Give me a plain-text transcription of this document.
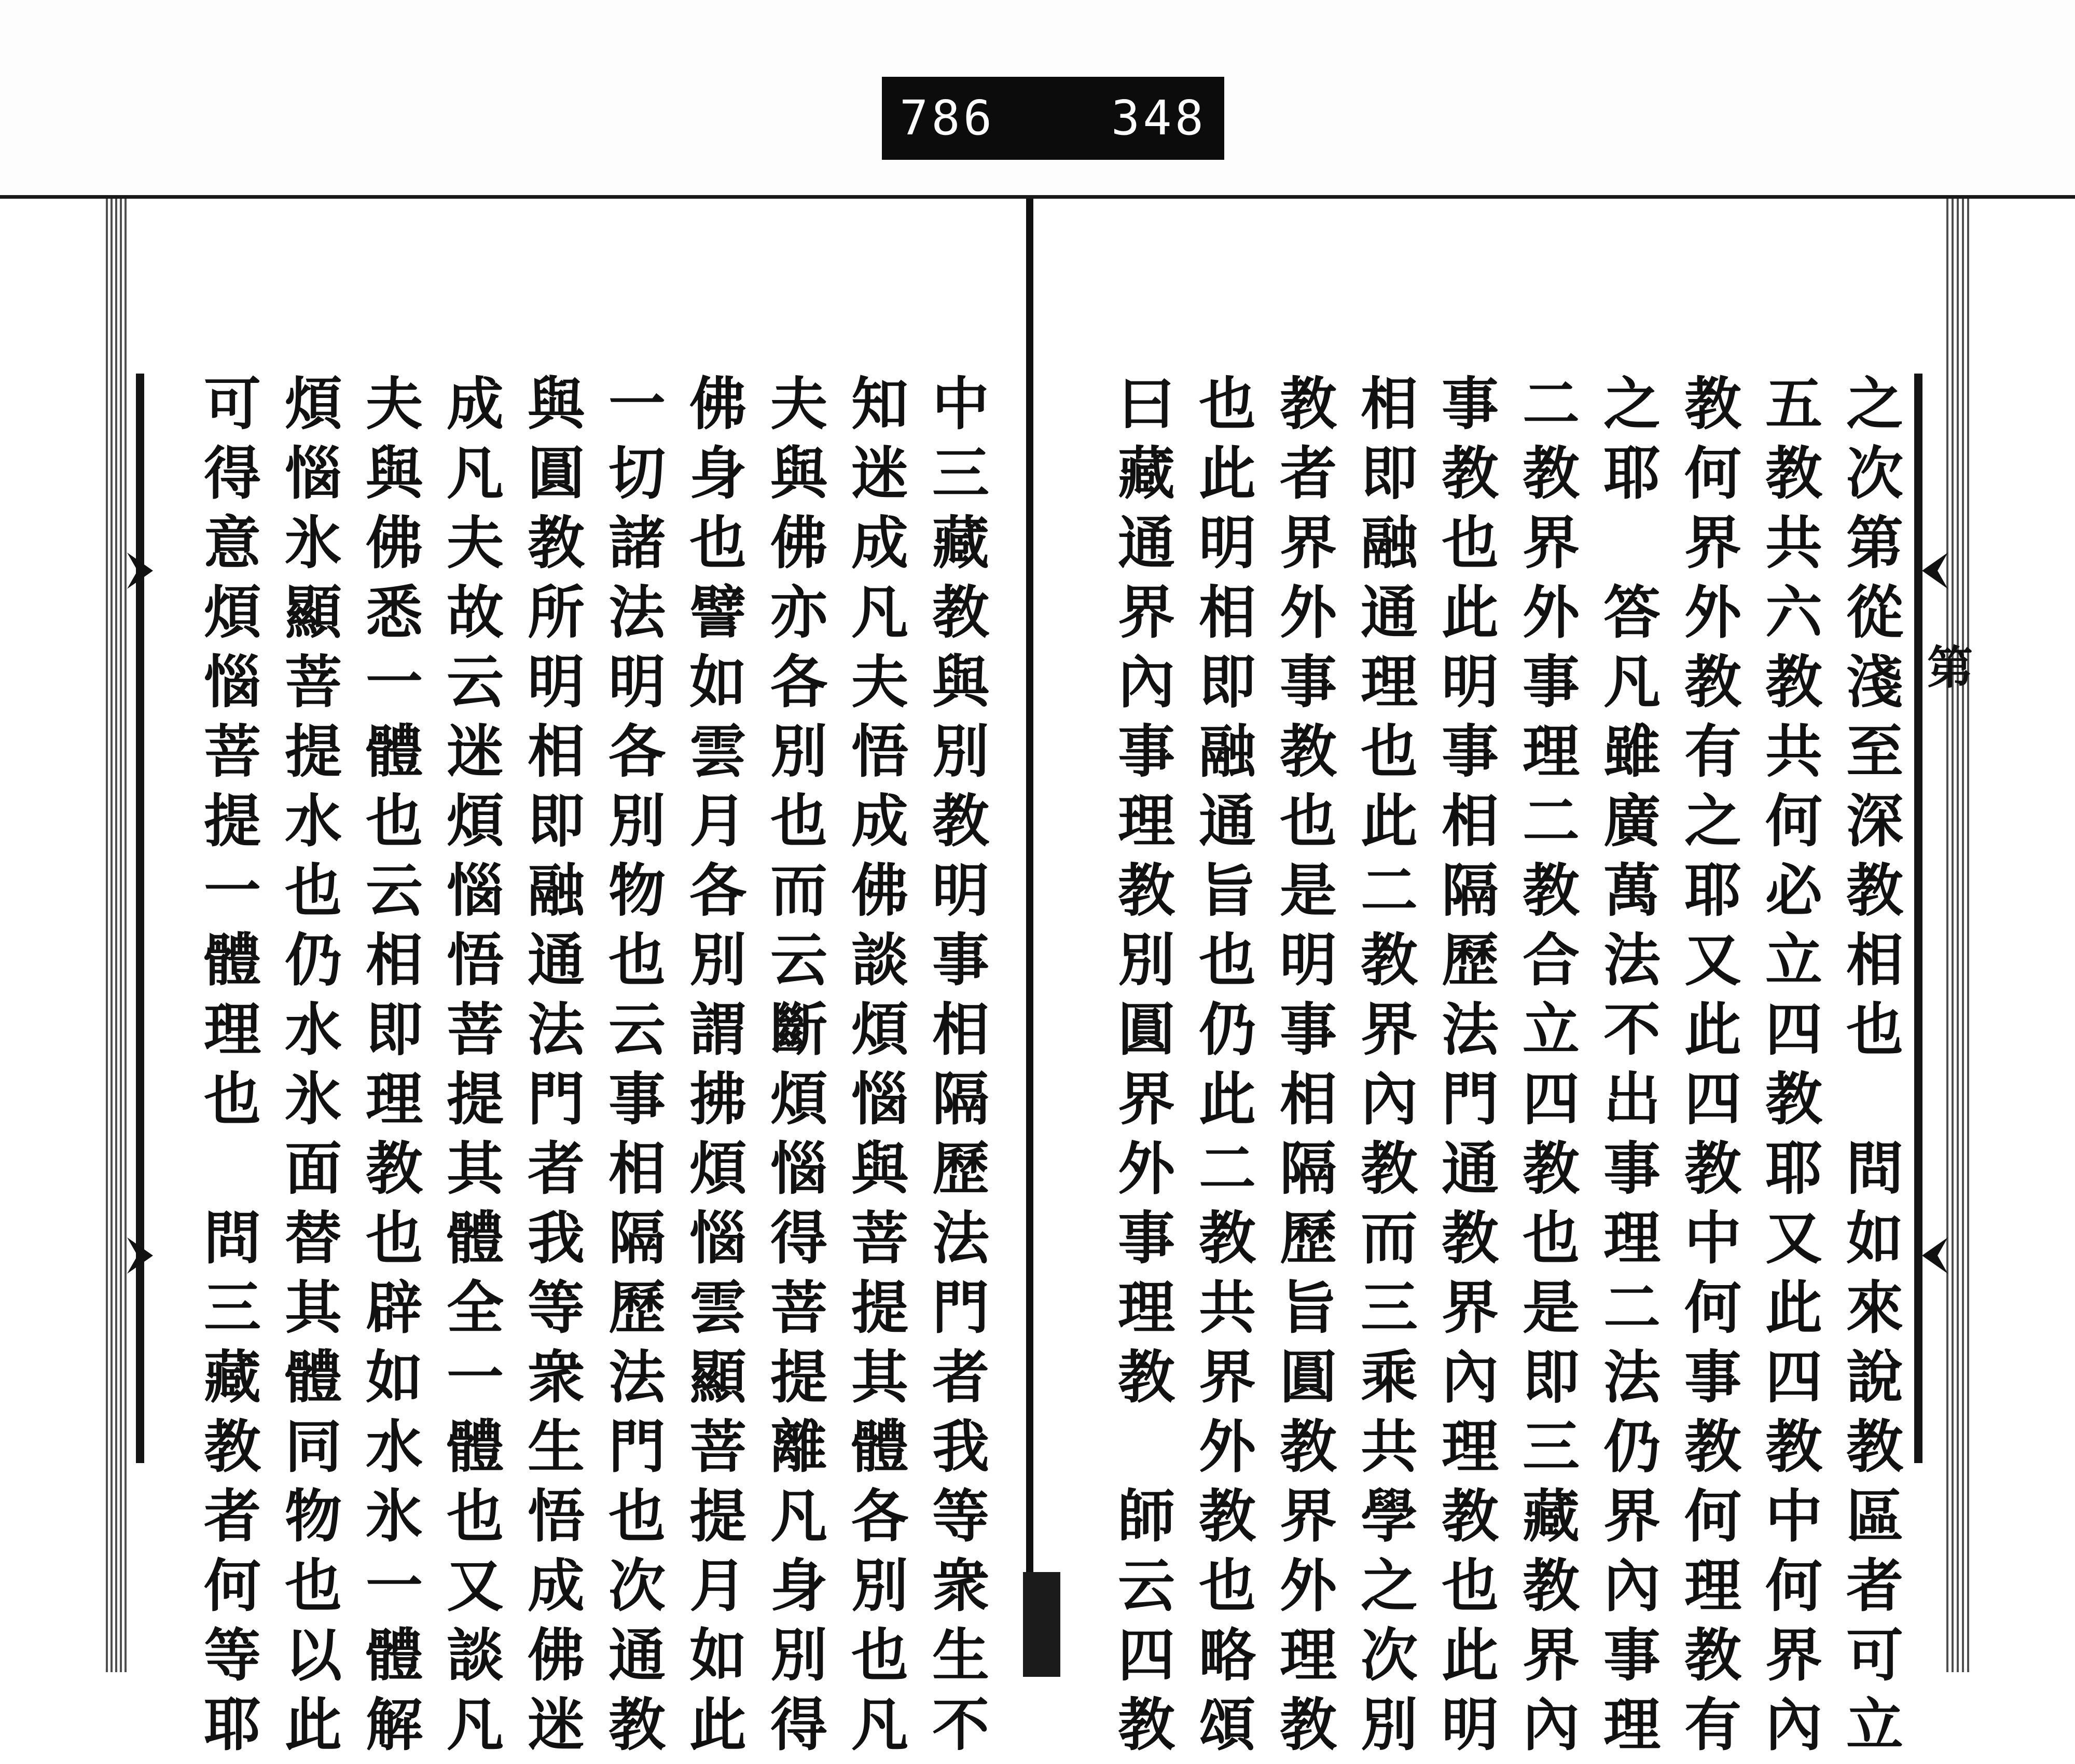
786 348
第
之次第從淺至深教相也　問如來說教區者可立
五教共六教共何必立四教耶又此四教中何界內
教何界外教有之耶又此四教中何事教何理教有
之耶　答凡雖廣萬法不出事理二法仍界內事理
二教界外事理二教合立四教也是即三藏教界內
事教也此明事相隔歷法門通教界內理教也此明
相即融通理也此二教界內教而三乘共學之次別
教者界外事教也是明事相隔歷旨圓教界外理教
也此明相即融通旨也仍此二教共界外教也略頌
曰藏通界內事理教別圓界外事理教　師云四教
中三藏教與別教明事相隔歷法門者我等衆生不
知迷成凡夫悟成佛談煩惱與菩提其體各別也凡
夫與佛亦各別也而云斷煩惱得菩提離凡身別得
佛身也譬如雲月各別謂拂煩惱雲顯菩提月如此
一切諸法明各別物也云事相隔歷法門也次通教
與圓教所明相即融通法門者我等衆生悟成佛迷
成凡夫故云迷煩惱悟菩提其體全一體也又談凡
夫與佛悉一體也云相即理教也辟如水氷一體解
煩惱氷顯菩提水也仍水氷面替其體同物也以此
可得意煩惱菩提一體理也　問三藏教者何等耶
